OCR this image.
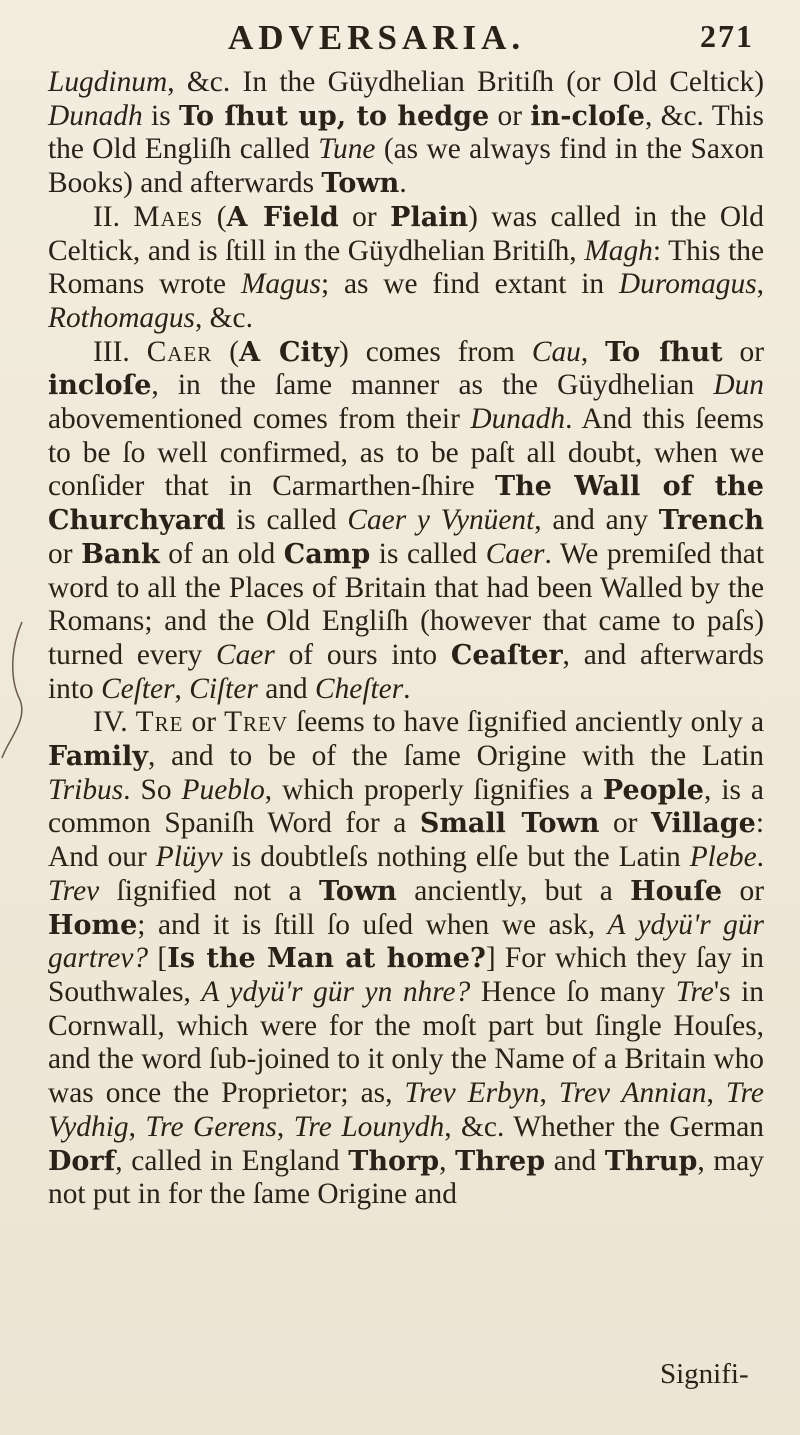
ADVERSARIA.	271

Lugdinum, &c. In the Güydhelian Britiſh (or Old Celtick) Dunadh is To ſhut up, to hedge or in-cloſe, &c. This the Old Engliſh called Tune (as we always find in the Saxon Books) and afterwards Town.

II. Maes (A Field or Plain) was called in the Old Celtick, and is ſtill in the Güydhelian Britiſh, Magh: This the Romans wrote Magus; as we find extant in Duromagus, Rothomagus, &c.

III. Caer (A City) comes from Cau, To ſhut or incloſe, in the ſame manner as the Güydhelian Dun abovementioned comes from their Dunadh. And this ſeems to be ſo well confirmed, as to be paſt all doubt, when we conſider that in Carmarthen-ſhire The Wall of the Churchyard is called Caer y Vynüent, and any Trench or Bank of an old Camp is called Caer. We premiſed that word to all the Places of Britain that had been Walled by the Romans; and the Old Engliſh (however that came to paſs) turned every Caer of ours into Ceaſter, and afterwards into Ceſter, Ciſter and Cheſter.

IV. Tre or Trev ſeems to have ſignified anciently only a Family, and to be of the ſame Origine with the Latin Tribus. So Pueblo, which properly ſignifies a People, is a common Spaniſh Word for a Small Town or Village: And our Plüyv is doubtleſs nothing elſe but the Latin Plebe. Trev ſignified not a Town anciently, but a Houſe or Home; and it is ſtill ſo uſed when we ask, A ydyü'r gür gartrev? [Is the Man at home?] For which they ſay in Southwales, A ydyü'r gür yn nhre? Hence ſo many Tre's in Cornwall, which were for the moſt part but ſingle Houſes, and the word ſub-joined to it only the Name of a Britain who was once the Proprietor; as, Trev Erbyn, Trev Annian, Tre Vydhig, Tre Gerens, Tre Lounydh, &c. Whether the German Dorf, called in England Thorp, Threp and Thrup, may not put in for the ſame Origine and

Signifi-
